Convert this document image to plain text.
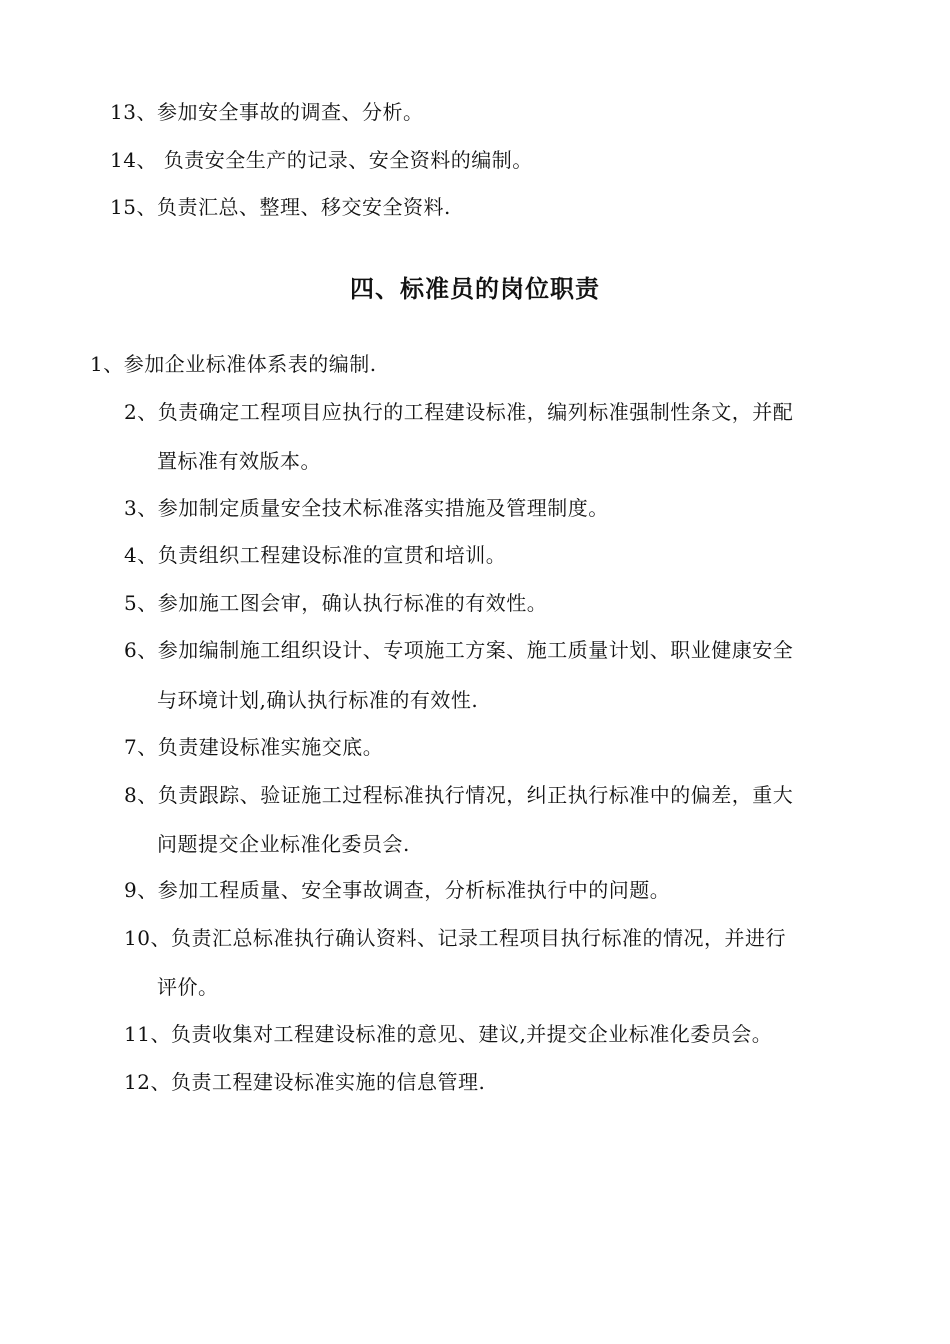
13、参加安全事故的调查、分析。
14、 负责安全生产的记录、安全资料的编制。
15、负责汇总、整理、移交安全资料.
四、标准员的岗位职责
1、参加企业标准体系表的编制.
2、负责确定工程项目应执行的工程建设标准，编列标准强制性条文，并配
置标准有效版本。
3、参加制定质量安全技术标准落实措施及管理制度。
4、负责组织工程建设标准的宣贯和培训。
5、参加施工图会审，确认执行标准的有效性。
6、参加编制施工组织设计、专项施工方案、施工质量计划、职业健康安全
与环境计划,确认执行标准的有效性.
7、负责建设标准实施交底。
8、负责跟踪、验证施工过程标准执行情况，纠正执行标准中的偏差，重大
问题提交企业标准化委员会.
9、参加工程质量、安全事故调查，分析标准执行中的问题。
10、负责汇总标准执行确认资料、记录工程项目执行标准的情况，并进行
评价。
11、负责收集对工程建设标准的意见、建议,并提交企业标准化委员会。
12、负责工程建设标准实施的信息管理.
